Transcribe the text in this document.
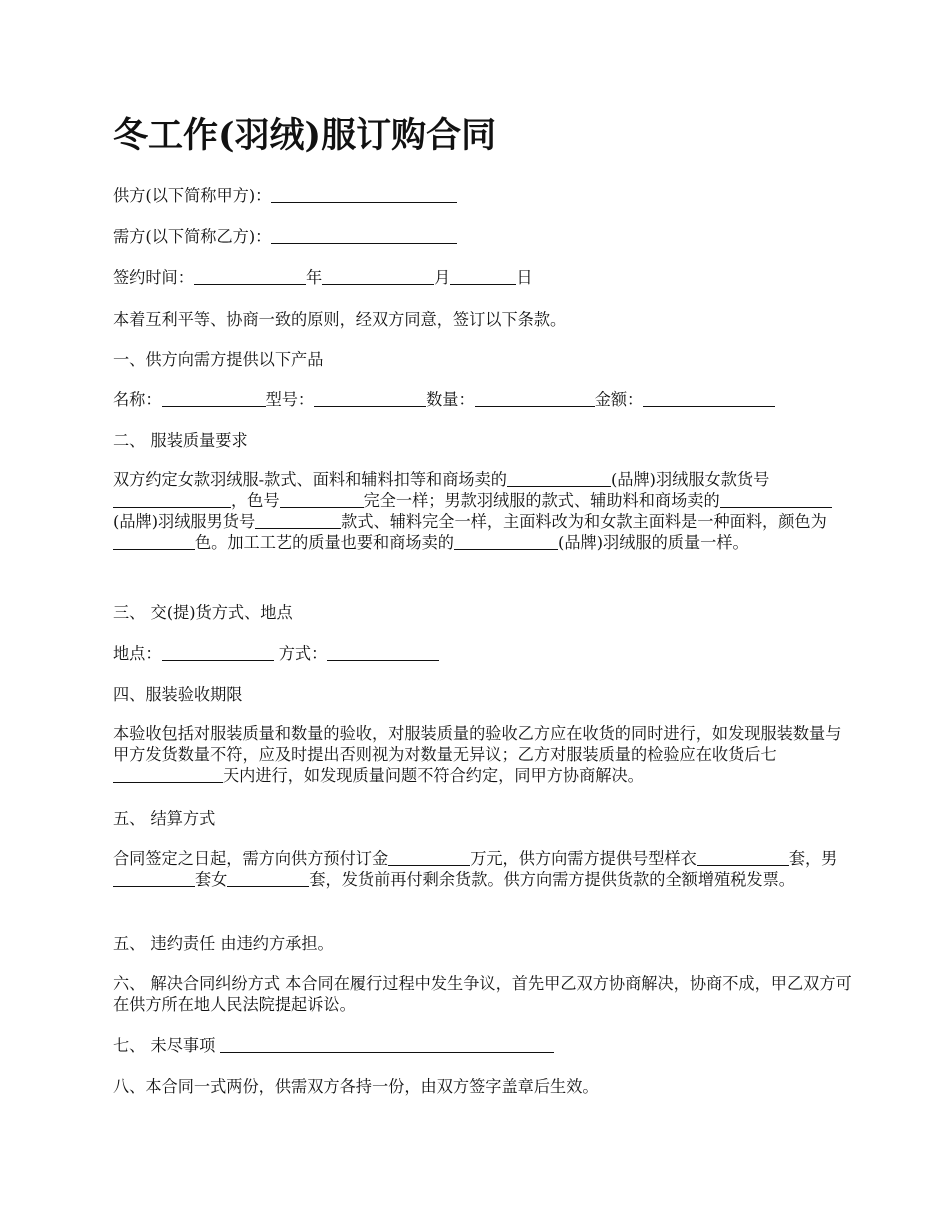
冬工作(羽绒)服订购合同
供方(以下简称甲方)：
需方(以下简称乙方)：
签约时间：	年	月	日
本着互利平等、协商一致的原则，经双方同意，签订以下条款。
一、供方向需方提供以下产品
名称：	型号：	数量：	金额：
二、 服装质量要求
双方约定女款羽绒服-款式、面料和辅料扣等和商场卖的	(品牌)羽绒服女款货号，色号	完全一样；男款羽绒服的款式、辅助料和商场卖的(品牌)羽绒服男货号	款式、辅料完全一样，主面料改为和女款主面料是一种面料，颜色为色。加工工艺的质量也要和商场卖的	(品牌)羽绒服的质量一样。
三、 交(提)货方式、地点
地点：	方式：
四、服装验收期限
本验收包括对服装质量和数量的验收，对服装质量的验收乙方应在收货的同时进行，如发现服装数量与甲方发货数量不符，应及时提出否则视为对数量无异议；乙方对服装质量的检验应在收货后七天内进行，如发现质量问题不符合约定，同甲方协商解决。
五、 结算方式
合同签定之日起，需方向供方预付订金	万元，供方向需方提供号型样衣	套，男套女	套，发货前再付剩余货款。供方向需方提供货款的全额增殖税发票。
五、 违约责任 由违约方承担。
六、 解决合同纠纷方式 本合同在履行过程中发生争议，首先甲乙双方协商解决，协商不成，甲乙双方可在供方所在地人民法院提起诉讼。
七、 未尽事项
八、本合同一式两份，供需双方各持一份，由双方签字盖章后生效。
